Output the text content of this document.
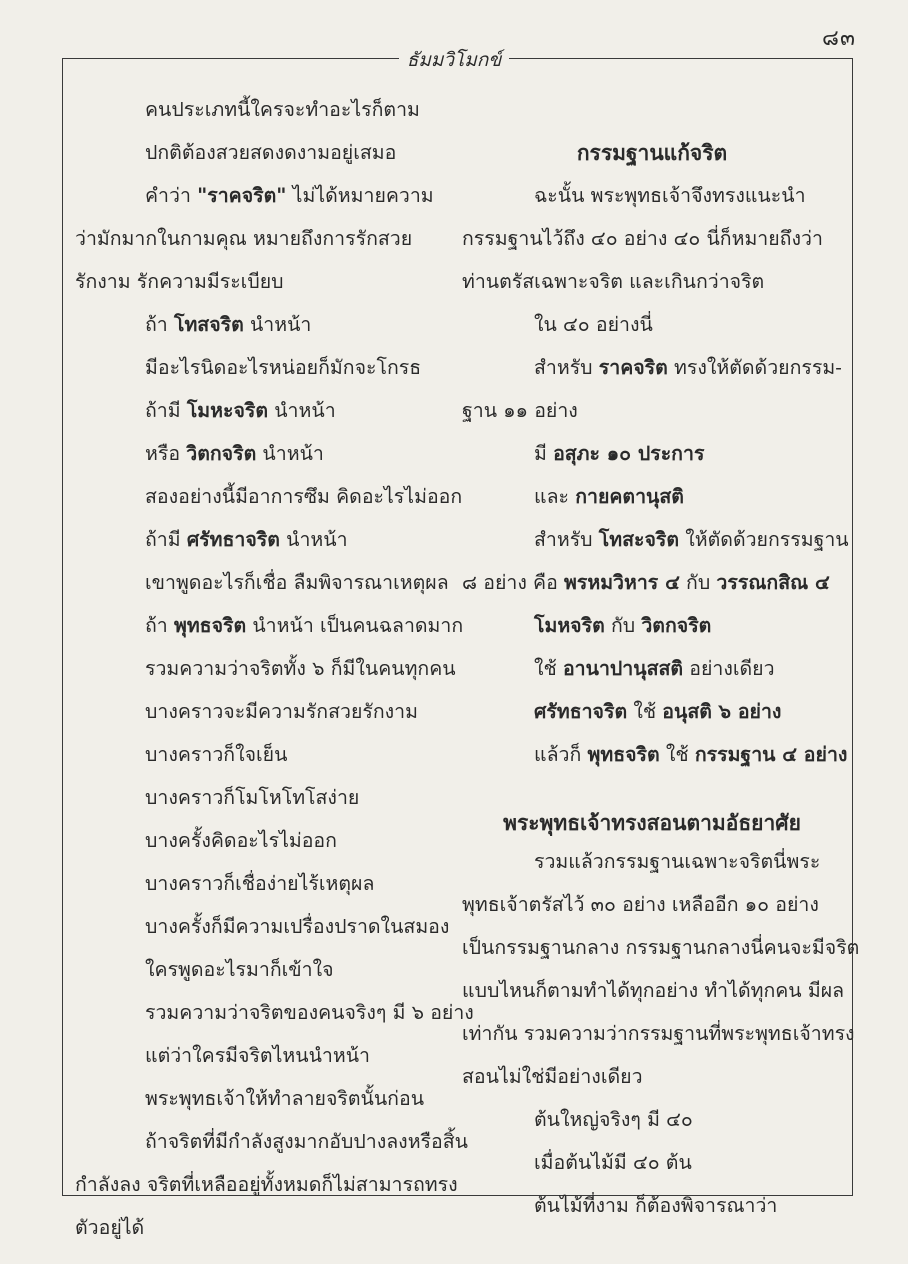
๘๓
ธัมมวิโมกข์
คนประเภทนี้ใครจะทำอะไรก็ตาม
ปกติต้องสวยสดงดงามอยู่เสมอ
คำว่า "ราคจริต" ไม่ได้หมายความ
ว่ามักมากในกามคุณ หมายถึงการรักสวย
รักงาม รักความมีระเบียบ
ถ้า โทสจริต นำหน้า
มีอะไรนิดอะไรหน่อยก็มักจะโกรธ
ถ้ามี โมหะจริต นำหน้า
หรือ วิตกจริต นำหน้า
สองอย่างนี้มีอาการซึม คิดอะไรไม่ออก
ถ้ามี ศรัทธาจริต นำหน้า
เขาพูดอะไรก็เชื่อ ลืมพิจารณาเหตุผล
ถ้า พุทธจริต นำหน้า เป็นคนฉลาดมาก
รวมความว่าจริตทั้ง ๖ ก็มีในคนทุกคน
บางคราวจะมีความรักสวยรักงาม
บางคราวก็ใจเย็น
บางคราวก็โมโหโทโสง่าย
บางครั้งคิดอะไรไม่ออก
บางคราวก็เชื่อง่ายไร้เหตุผล
บางครั้งก็มีความเปรื่องปราดในสมอง
ใครพูดอะไรมาก็เข้าใจ
รวมความว่าจริตของคนจริงๆ มี ๖ อย่าง
แต่ว่าใครมีจริตไหนนำหน้า
พระพุทธเจ้าให้ทำลายจริตนั้นก่อน
ถ้าจริตที่มีกำลังสูงมากอับปางลงหรือสิ้น
กำลังลง จริตที่เหลืออยู่ทั้งหมดก็ไม่สามารถทรง
ตัวอยู่ได้
กรรมฐานแก้จริต
ฉะนั้น พระพุทธเจ้าจึงทรงแนะนำ
กรรมฐานไว้ถึง ๔๐ อย่าง ๔๐ นี่ก็หมายถึงว่า
ท่านตรัสเฉพาะจริต และเกินกว่าจริต
ใน ๔๐ อย่างนี่
สำหรับ ราคจริต ทรงให้ตัดด้วยกรรม-
ฐาน ๑๑ อย่าง
มี อสุภะ ๑๐ ประการ
และ กายคตานุสติ
สำหรับ โทสะจริต ให้ตัดด้วยกรรมฐาน
๘ อย่าง คือ พรหมวิหาร ๔ กับ วรรณกสิณ ๔
โมหจริต กับ วิตกจริต
ใช้ อานาปานุสสติ อย่างเดียว
ศรัทธาจริต ใช้ อนุสติ ๖ อย่าง
แล้วก็ พุทธจริต ใช้ กรรมฐาน ๔ อย่าง
พระพุทธเจ้าทรงสอนตามอัธยาศัย
รวมแล้วกรรมฐานเฉพาะจริตนี่พระ
พุทธเจ้าตรัสไว้ ๓๐ อย่าง เหลืออีก ๑๐ อย่าง
เป็นกรรมฐานกลาง กรรมฐานกลางนี่คนจะมีจริต
แบบไหนก็ตามทำได้ทุกอย่าง ทำได้ทุกคน มีผล
เท่ากัน รวมความว่ากรรมฐานที่พระพุทธเจ้าทรง
สอนไม่ใช่มีอย่างเดียว
ต้นใหญ่จริงๆ มี ๔๐
เมื่อต้นไม้มี ๔๐ ต้น
ต้นไม้ที่งาม ก็ต้องพิจารณาว่า
